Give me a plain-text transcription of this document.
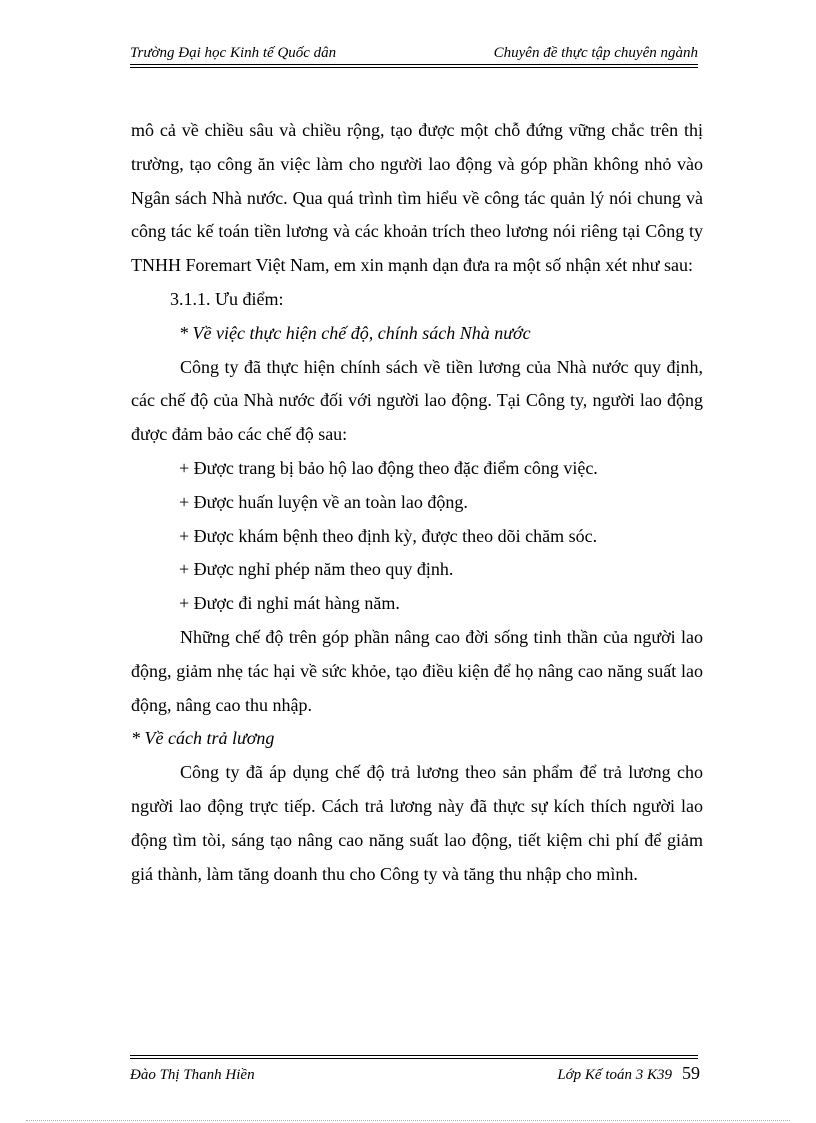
Trường Đại học Kinh tế Quốc dân	Chuyên đề thực tập chuyên ngành

mô cả về chiều sâu và chiều rộng, tạo được một chỗ đứng vững chắc trên thị trường, tạo công ăn việc làm cho người lao động và góp phần không nhỏ vào Ngân sách Nhà nước. Qua quá trình tìm hiểu về công tác quản lý nói chung và công tác kế toán tiền lương và các khoản trích theo lương nói riêng tại Công ty TNHH Foremart Việt Nam, em xin mạnh dạn đưa ra một số nhận xét như sau:

3.1.1. Ưu điểm:

* Về việc thực hiện chế độ, chính sách Nhà nước

Công ty đã thực hiện chính sách về tiền lương của Nhà nước quy định, các chế độ của Nhà nước đối với người lao động. Tại Công ty, người lao động được đảm bảo các chế độ sau:

+ Được trang bị bảo hộ lao động theo đặc điểm công việc.

+ Được huấn luyện về an toàn lao động.

+ Được khám bệnh theo định kỳ, được theo dõi chăm sóc.

+ Được nghỉ phép năm theo quy định.

+ Được đi nghỉ mát hàng năm.

Những chế độ trên góp phần nâng cao đời sống tinh thần của người lao động, giảm nhẹ tác hại về sức khỏe, tạo điều kiện để họ nâng cao năng suất lao động, nâng cao thu nhập.

* Về cách trả lương

Công ty đã áp dụng chế độ trả lương theo sản phẩm để trả lương cho người lao động trực tiếp. Cách trả lương này đã thực sự kích thích người lao động tìm tòi, sáng tạo nâng cao năng suất lao động, tiết kiệm chi phí để giảm giá thành, làm tăng doanh thu cho Công ty và tăng thu nhập cho mình.

Đào Thị Thanh Hiền	Lớp Kế toán 3 K39 59
